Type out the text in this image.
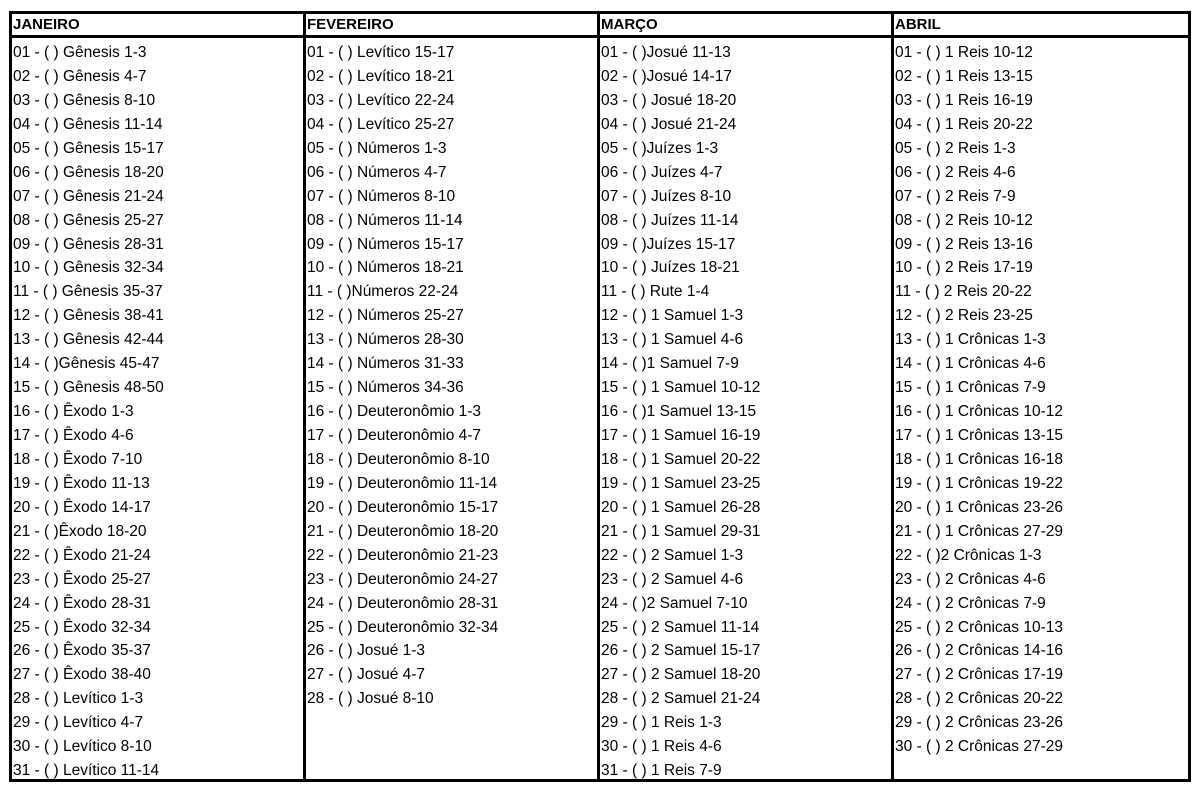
JANEIRO
01 - ( ) Gênesis 1-3
02 - ( ) Gênesis 4-7
03 - ( ) Gênesis 8-10
04 - ( ) Gênesis 11-14
05 - ( ) Gênesis 15-17
06 - ( ) Gênesis 18-20
07 - ( ) Gênesis 21-24
08 - ( ) Gênesis 25-27
09 - ( ) Gênesis 28-31
10 - ( ) Gênesis 32-34
11 - ( ) Gênesis 35-37
12 - ( ) Gênesis 38-41
13 - ( ) Gênesis 42-44
14 - ( )Gênesis 45-47
15 - ( ) Gênesis 48-50
16 - ( ) Êxodo 1-3
17 - ( ) Êxodo 4-6
18 - ( ) Êxodo 7-10
19 - ( ) Êxodo 11-13
20 - ( ) Êxodo 14-17
21 - ( )Êxodo 18-20
22 - ( ) Êxodo 21-24
23 - ( ) Êxodo 25-27
24 - ( ) Êxodo 28-31
25 - ( ) Êxodo 32-34
26 - ( ) Êxodo 35-37
27 - ( ) Êxodo 38-40
28 - ( ) Levítico 1-3
29 - ( ) Levítico 4-7
30 - ( ) Levítico 8-10
31 - ( ) Levítico 11-14
FEVEREIRO
01 - ( ) Levítico 15-17
02 - ( ) Levítico 18-21
03 - ( ) Levítico 22-24
04 - ( ) Levítico 25-27
05 - ( ) Números 1-3
06 - ( ) Números 4-7
07 - ( ) Números 8-10
08 - ( ) Números 11-14
09 - ( ) Números 15-17
10 - ( ) Números 18-21
11 - ( )Números 22-24
12 - ( ) Números 25-27
13 - ( ) Números 28-30
14 - ( ) Números 31-33
15 - ( ) Números 34-36
16 - ( ) Deuteronômio 1-3
17 - ( ) Deuteronômio 4-7
18 - ( ) Deuteronômio 8-10
19 - ( ) Deuteronômio 11-14
20 - ( ) Deuteronômio 15-17
21 - ( ) Deuteronômio 18-20
22 - ( ) Deuteronômio 21-23
23 - ( ) Deuteronômio 24-27
24 - ( ) Deuteronômio 28-31
25 - ( ) Deuteronômio 32-34
26 - ( ) Josué 1-3
27 - ( ) Josué 4-7
28 - ( ) Josué 8-10
MARÇO
01 - ( )Josué 11-13
02 - ( )Josué 14-17
03 - ( ) Josué 18-20
04 - ( ) Josué 21-24
05 - ( )Juízes 1-3
06 - ( ) Juízes 4-7
07 - ( ) Juízes 8-10
08 - ( ) Juízes 11-14
09 - ( )Juízes 15-17
10 - ( ) Juízes 18-21
11 - ( ) Rute 1-4
12 - ( ) 1 Samuel 1-3
13 - ( ) 1 Samuel 4-6
14 - ( )1 Samuel 7-9
15 - ( ) 1 Samuel 10-12
16 - ( )1 Samuel 13-15
17 - ( ) 1 Samuel 16-19
18 - ( ) 1 Samuel 20-22
19 - ( ) 1 Samuel 23-25
20 - ( ) 1 Samuel 26-28
21 - ( ) 1 Samuel 29-31
22 - ( ) 2 Samuel 1-3
23 - ( ) 2 Samuel 4-6
24 - ( )2 Samuel 7-10
25 - ( ) 2 Samuel 11-14
26 - ( ) 2 Samuel 15-17
27 - ( ) 2 Samuel 18-20
28 - ( ) 2 Samuel 21-24
29 - ( ) 1 Reis 1-3
30 - ( ) 1 Reis 4-6
31 - ( ) 1 Reis 7-9
ABRIL
01 - ( ) 1 Reis 10-12
02 - ( ) 1 Reis 13-15
03 - ( ) 1 Reis 16-19
04 - ( ) 1 Reis 20-22
05 - ( ) 2 Reis 1-3
06 - ( ) 2 Reis 4-6
07 - ( ) 2 Reis 7-9
08 - ( ) 2 Reis 10-12
09 - ( ) 2 Reis 13-16
10 - ( ) 2 Reis 17-19
11 - ( ) 2 Reis 20-22
12 - ( ) 2 Reis 23-25
13 - ( ) 1 Crônicas 1-3
14 - ( ) 1 Crônicas 4-6
15 - ( ) 1 Crônicas 7-9
16 - ( ) 1 Crônicas 10-12
17 - ( ) 1 Crônicas 13-15
18 - ( ) 1 Crônicas 16-18
19 - ( ) 1 Crônicas 19-22
20 - ( ) 1 Crônicas 23-26
21 - ( ) 1 Crônicas 27-29
22 - ( )2 Crônicas 1-3
23 - ( ) 2 Crônicas 4-6
24 - ( ) 2 Crônicas 7-9
25 - ( ) 2 Crônicas 10-13
26 - ( ) 2 Crônicas 14-16
27 - ( ) 2 Crônicas 17-19
28 - ( ) 2 Crônicas 20-22
29 - ( ) 2 Crônicas 23-26
30 - ( ) 2 Crônicas 27-29
